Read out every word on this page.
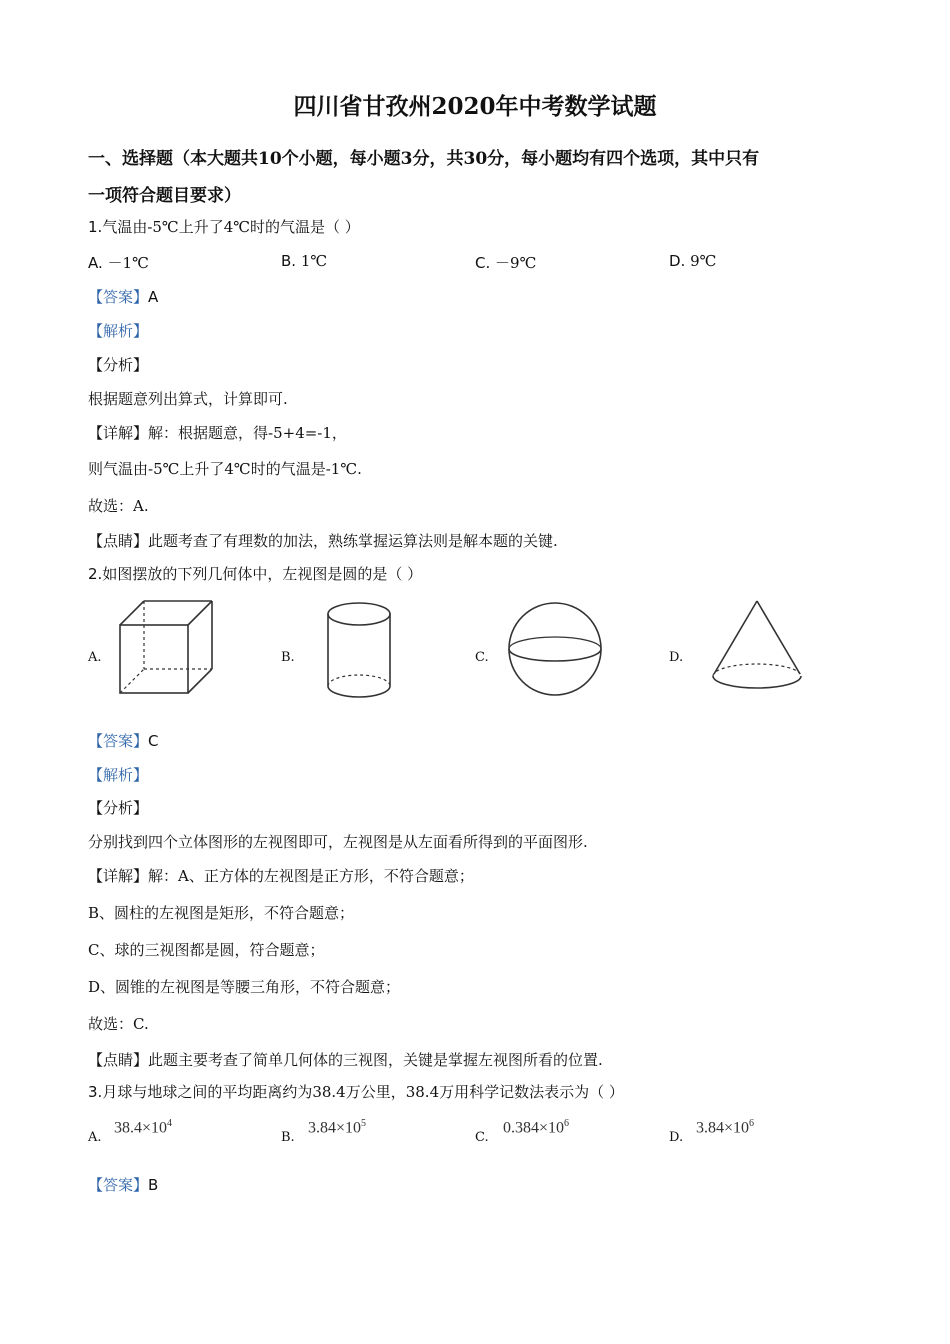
四川省甘孜州2020年中考数学试题
一、选择题（本大题共10个小题，每小题3分，共30分，每小题均有四个选项，其中只有
一项符合题目要求）
1.气温由-5℃上升了4℃时的气温是（ ）
A. －1℃	B. 1℃	C. －9℃	D. 9℃
【答案】A
【解析】
【分析】
根据题意列出算式，计算即可.
【详解】解：根据题意，得-5+4=-1，
则气温由-5℃上升了4℃时的气温是-1℃.
故选：A.
【点睛】此题考查了有理数的加法，熟练掌握运算法则是解本题的关键.
2.如图摆放的下列几何体中，左视图是圆的是（ ）
A.	B.	C.	D.
【答案】C
【解析】
【分析】
分别找到四个立体图形的左视图即可，左视图是从左面看所得到的平面图形.
【详解】解：A、正方体的左视图是正方形，不符合题意；
B、圆柱的左视图是矩形，不符合题意；
C、球的三视图都是圆，符合题意；
D、圆锥的左视图是等腰三角形，不符合题意；
故选：C.
【点睛】此题主要考查了简单几何体的三视图，关键是掌握左视图所看的位置.
3.月球与地球之间的平均距离约为38.4万公里，38.4万用科学记数法表示为（ ）
A.
$38.4\times 10^4$
B.
$3.84\times 10^5$
C.
$0.384\times 10^6$
D.
$3.84\times 10^6$
【答案】B
